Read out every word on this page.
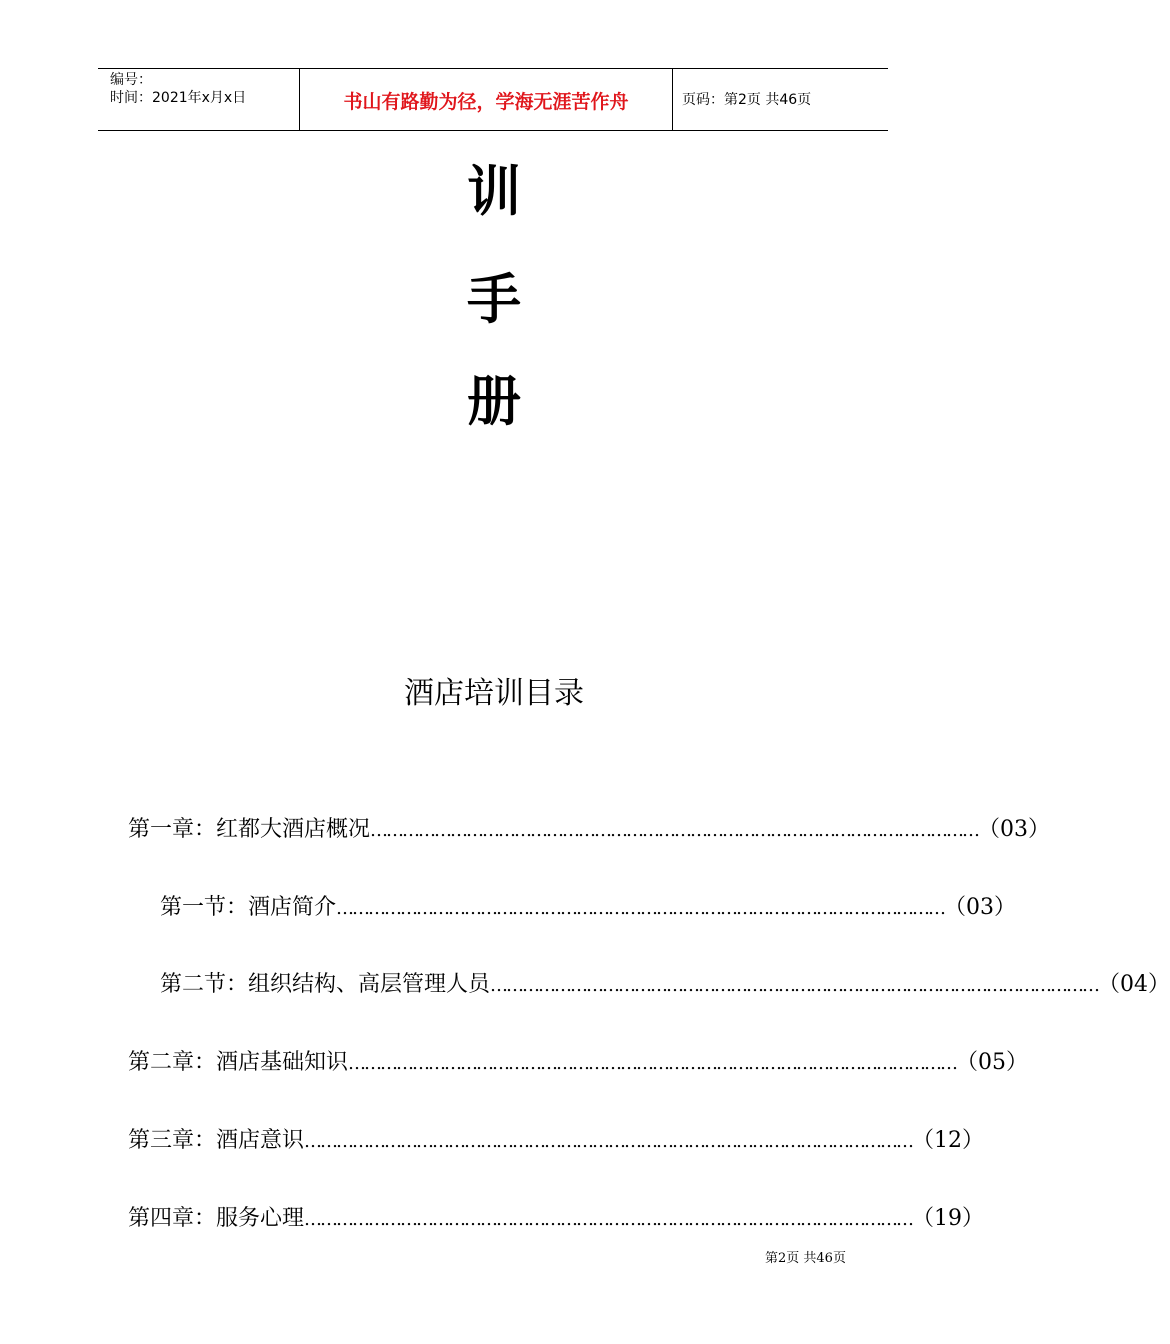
编号：
时间：2021年x月x日	书山有路勤为径，学海无涯苦作舟	页码：第2页 共46页
训
手
册
酒店培训目录
第一章：红都大酒店概况 …………………………………………………………………………………………………… （03）
第一节：酒店简介 …………………………………………………………………………………………………… （03）
第二节：组织结构、高层管理人员 …………………………………………………………………………………………………… （04）
第二章：酒店基础知识 …………………………………………………………………………………………………… （05）
第三章：酒店意识 …………………………………………………………………………………………………… （12）
第四章：服务心理 …………………………………………………………………………………………………… （19）
第2页 共46页
